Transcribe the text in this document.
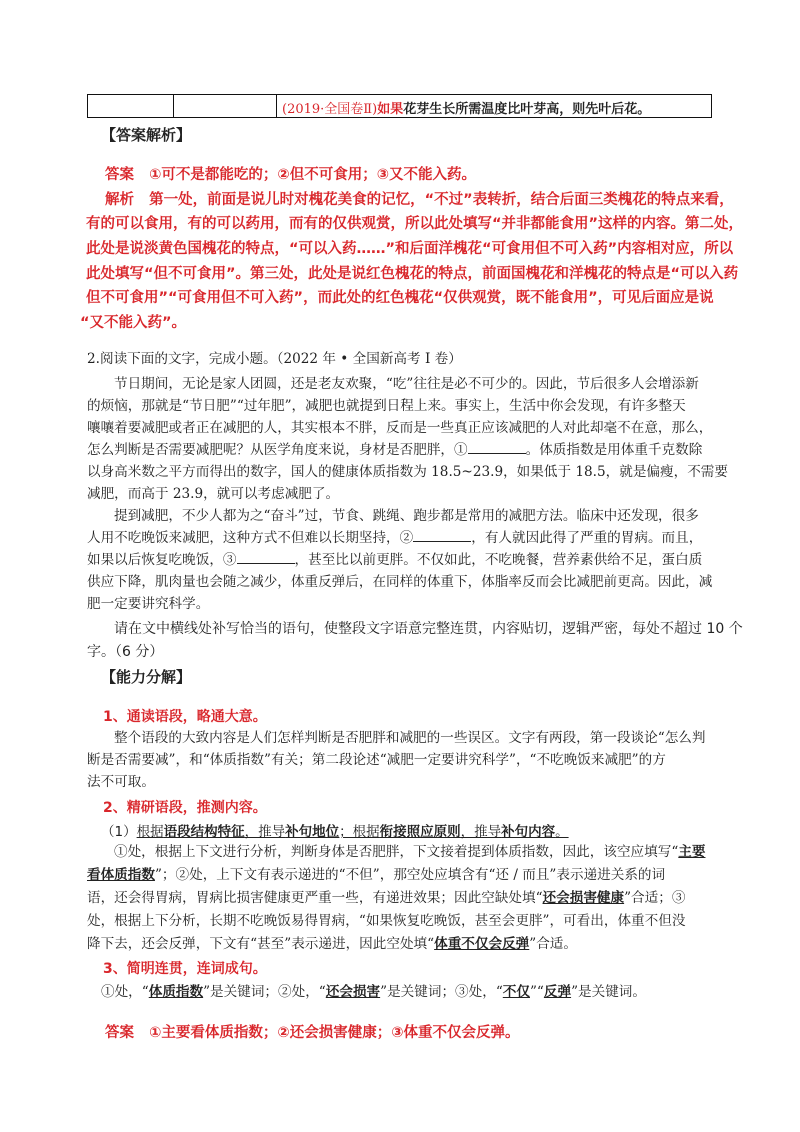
(2019·全国卷Ⅱ)如果花芽生长所需温度比叶芽高，则先叶后花。
【答案解析】
答案 ①可不是都能吃的；②但不可食用；③又不能入药。
解析 第一处，前面是说儿时对槐花美食的记忆，“不过”表转折，结合后面三类槐花的特点来看，
有的可以食用，有的可以药用，而有的仅供观赏，所以此处填写“并非都能食用”这样的内容。第二处，
此处是说淡黄色国槐花的特点，“可以入药……”和后面洋槐花“可食用但不可入药”内容相对应，所以
此处填写“但不可食用”。第三处，此处是说红色槐花的特点，前面国槐花和洋槐花的特点是“可以入药
但不可食用”“可食用但不可入药”，而此处的红色槐花“仅供观赏，既不能食用”，可见后面应是说
“又不能入药”。
2.阅读下面的文字，完成小题。（2022 年 • 全国新高考 I 卷）
节日期间，无论是家人团圆，还是老友欢聚，“吃”往往是必不可少的。因此，节后很多人会增添新
的烦恼，那就是“节日肥”“过年肥”，减肥也就提到日程上来。事实上，生活中你会发现，有许多整天
嚷嚷着要减肥或者正在减肥的人，其实根本不胖，反而是一些真正应该减肥的人对此却毫不在意，那么，
怎么判断是否需要减肥呢？从医学角度来说，身材是否肥胖，①	。体质指数是用体重千克数除
以身高米数之平方而得出的数字，国人的健康体质指数为 18.5~23.9，如果低于 18.5，就是偏瘦，不需要
减肥，而高于 23.9，就可以考虑减肥了。
提到减肥，不少人都为之“奋斗”过，节食、跳绳、跑步都是常用的减肥方法。临床中还发现，很多
人用不吃晚饭来减肥，这种方式不但难以长期坚持，②	，有人就因此得了严重的胃病。而且，
如果以后恢复吃晚饭，③	，甚至比以前更胖。不仅如此，不吃晚餐，营养素供给不足，蛋白质
供应下降，肌肉量也会随之减少，体重反弹后，在同样的体重下，体脂率反而会比减肥前更高。因此，减
肥一定要讲究科学。
请在文中横线处补写恰当的语句，使整段文字语意完整连贯，内容贴切，逻辑严密，每处不超过 10 个
字。（6 分）
【能力分解】
1、通读语段，略通大意。
整个语段的大致内容是人们怎样判断是否肥胖和减肥的一些误区。文字有两段，第一段谈论“怎么判
断是否需要减”，和“体质指数”有关；第二段论述“减肥一定要讲究科学”，“不吃晚饭来减肥”的方
法不可取。
2、精研语段，推测内容。
（1）根据语段结构特征，推导补句地位；根据衔接照应原则，推导补句内容。
①处，根据上下文进行分析，判断身体是否肥胖，下文接着提到体质指数，因此，该空应填写“主要
看体质指数”；②处，上下文有表示递进的“不但”，那空处应填含有“还 / 而且”表示递进关系的词
语，还会得胃病，胃病比损害健康更严重一些，有递进效果；因此空缺处填“还会损害健康”合适；③
处，根据上下分析，长期不吃晚饭易得胃病，“如果恢复吃晚饭，甚至会更胖”，可看出，体重不但没
降下去，还会反弹，下文有“甚至”表示递进，因此空处填“体重不仅会反弹”合适。
3、简明连贯，连词成句。
①处，“体质指数”是关键词；②处，“还会损害”是关键词；③处，“不仅”“反弹”是关键词。
答案 ①主要看体质指数；②还会损害健康；③体重不仅会反弹。
